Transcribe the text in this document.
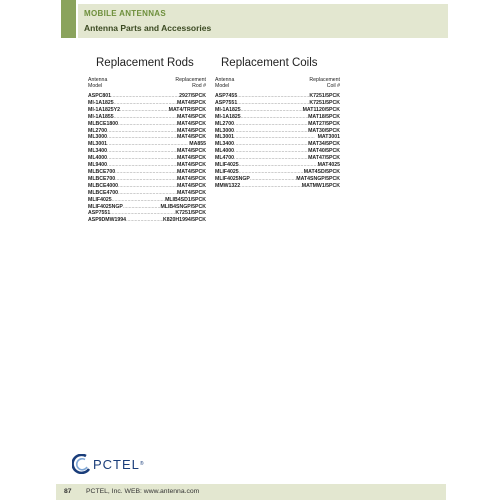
MOBILE ANTENNAS
Antenna Parts and Accessories
Replacement Rods
Antenna	Replacement
Model	Rod #
ASPC801 .....	2927/5PCK
MI-1A1825 .....	MAT4/5PCK
MI-1A1825Y2 .....	MAT4/TR/5PCK
MI-1A1855 .....	MAT4/5PCK
MLBCE1800 .....	MAT4/5PCK
ML2700 .....	MAT4/5PCK
ML3000 .....	MAT4/5PCK
ML3001 .....	MA855
ML3400 .....	MAT4/5PCK
ML4000 .....	MAT4/5PCK
ML9400 .....	MAT4/5PCK
MLBCE700 .....	MAT4/5PCK
MLBCE700 .....	MAT4/5PCK
MLBCE4000 .....	MAT4/5PCK
MLBCE4700 .....	MAT4/5PCK
MLIF4025 .....	MLIB4SD1/5PCK
MLIF4025NGP .....	MLIB4SNGP/5PCK
ASP7551 .....	K7251/5PCK
ASP9DMW1994 .....	K820H1994/5PCK
Replacement Coils
Antenna	Replacement
Model	Coil #
ASP7455 .....	K7251/5PCK
ASP7551 .....	K7251/5PCK
MI-1A1825 .....	MAT1120/5PCK
MI-1A1825 .....	MAT18/5PCK
ML2700 .....	MAT27/5PCK
ML3000 .....	MAT30/5PCK
ML3001 .....	MAT3001
ML3400 .....	MAT34/5PCK
ML4000 .....	MAT40/5PCK
ML4700 .....	MAT47/5PCK
MLIF4025 .....	MAT4025
MLIF4025 .....	MAT4SD/5PCK
MLIF4025NGP .....	MAT4SNGP/5PCK
MMW1322 .....	MATMW1/5PCK
PCTEL ®
87 PCTEL, Inc. WEB: www.antenna.com
